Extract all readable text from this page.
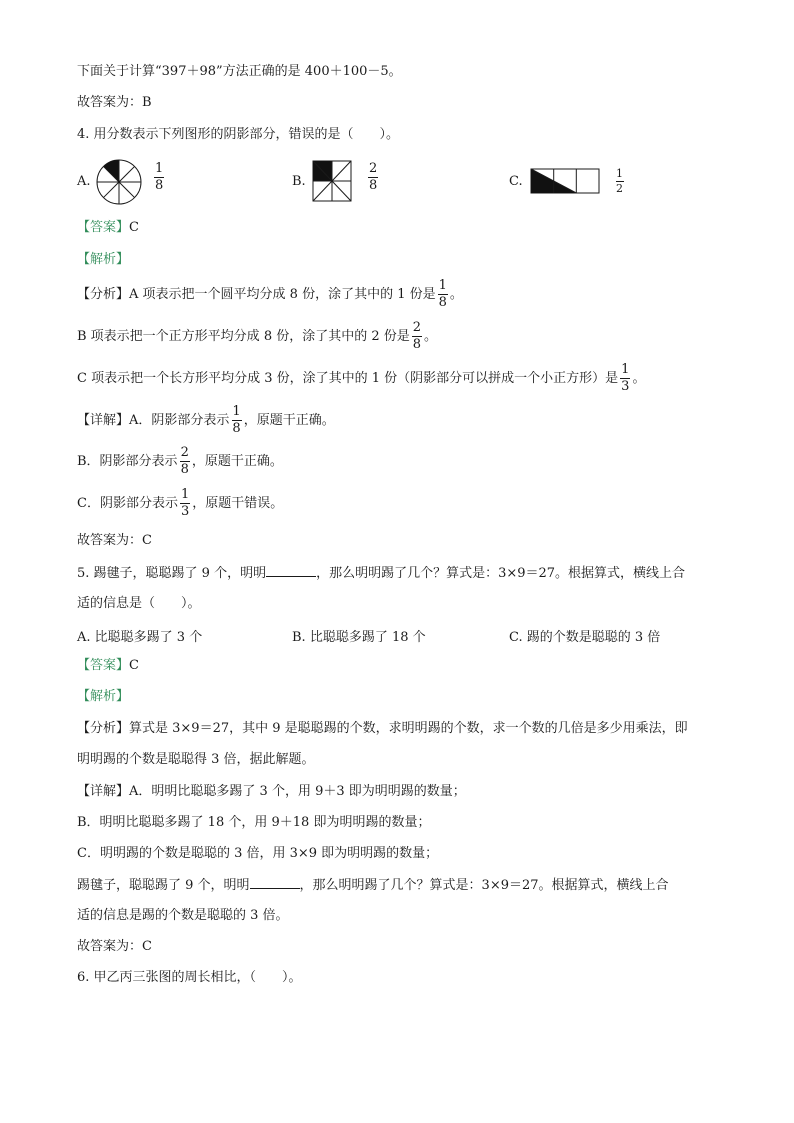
下面关于计算“397＋98”方法正确的是 400＋100－5。
故答案为：B
4. 用分数表示下列图形的阴影部分，错误的是（　　）。
A.	$\frac{1}{8}$	B.	$\frac{2}{8}$	C.	$\frac{1}{2}$
【答案】C
【解析】
【分析】A 项表示把一个圆平均分成 8 份，涂了其中的 1 份是 $\frac{1}{8}$ 。
B 项表示把一个正方形平均分成 8 份，涂了其中的 2 份是 $\frac{2}{8}$ 。
C 项表示把一个长方形平均分成 3 份，涂了其中的 1 份（阴影部分可以拼成一个小正方形）是 $\frac{1}{3}$ 。
【详解】A．阴影部分表示 $\frac{1}{8}$ ，原题干正确。
B．阴影部分表示 $\frac{2}{8}$ ，原题干正确。
C．阴影部分表示 $\frac{1}{3}$ ，原题干错误。
故答案为：C
5. 踢毽子，聪聪踢了 9 个，明明	，那么明明踢了几个？算式是：3×9＝27。根据算式，横线上合
适的信息是（　　）。
A. 比聪聪多踢了 3 个	B. 比聪聪多踢了 18 个	C. 踢的个数是聪聪的 3 倍
【答案】C
【解析】
【分析】算式是 3×9＝27，其中 9 是聪聪踢的个数，求明明踢的个数，求一个数的几倍是多少用乘法，即
明明踢的个数是聪聪得 3 倍，据此解题。
【详解】A．明明比聪聪多踢了 3 个，用 9＋3 即为明明踢的数量；
B．明明比聪聪多踢了 18 个，用 9＋18 即为明明踢的数量；
C．明明踢的个数是聪聪的 3 倍，用 3×9 即为明明踢的数量；
踢毽子，聪聪踢了 9 个，明明	，那么明明踢了几个？算式是：3×9＝27。根据算式，横线上合
适的信息是踢的个数是聪聪的 3 倍。
故答案为：C
6. 甲乙丙三张图的周长相比，（　　）。
